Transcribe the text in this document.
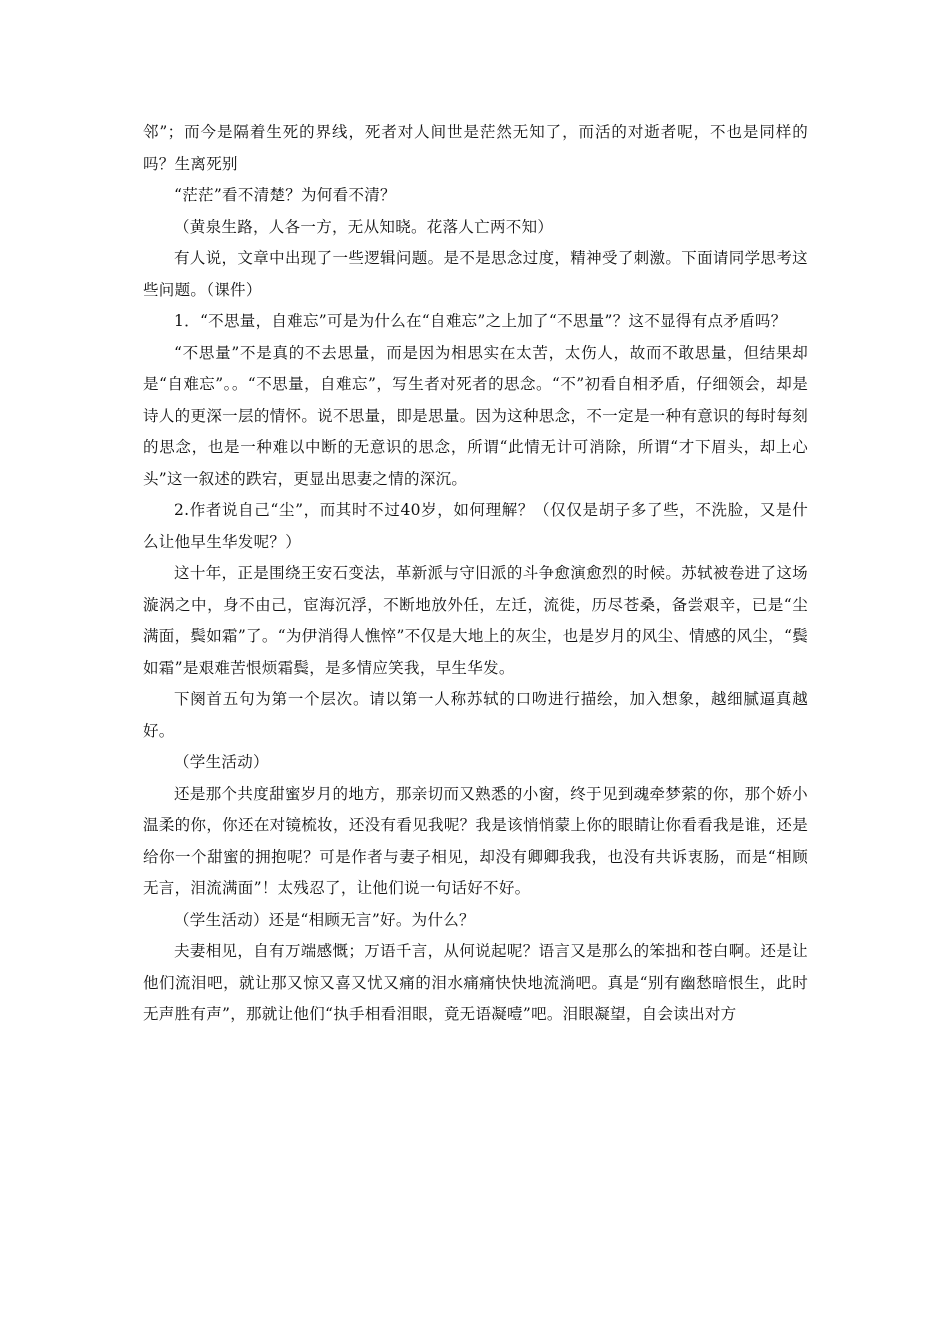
邻”；而今是隔着生死的界线，死者对人间世是茫然无知了，而活的对逝者呢，不也是同样的吗？生离死别

“茫茫”看不清楚？为何看不清？

（黄泉生路，人各一方，无从知晓。花落人亡两不知）

有人说，文章中出现了一些逻辑问题。是不是思念过度，精神受了刺激。下面请同学思考这些问题。（课件）

1．“不思量，自难忘”可是为什么在“自难忘”之上加了“不思量”？这不显得有点矛盾吗？

“不思量”不是真的不去思量，而是因为相思实在太苦，太伤人，故而不敢思量，但结果却是“自难忘”。。“不思量，自难忘”，写生者对死者的思念。“不”初看自相矛盾，仔细领会，却是诗人的更深一层的情怀。说不思量，即是思量。因为这种思念，不一定是一种有意识的每时每刻的思念，也是一种难以中断的无意识的思念，所谓“此情无计可消除，所谓“才下眉头，却上心头”这一叙述的跌宕，更显出思妻之情的深沉。

2.作者说自己“尘”，而其时不过40岁，如何理解？（仅仅是胡子多了些，不洗脸，又是什么让他早生华发呢？）

这十年，正是围绕王安石变法，革新派与守旧派的斗争愈演愈烈的时候。苏轼被卷进了这场漩涡之中，身不由己，宦海沉浮，不断地放外任，左迁，流徙，历尽苍桑，备尝艰辛，已是“尘满面，鬓如霜”了。“为伊消得人憔悴”不仅是大地上的灰尘，也是岁月的风尘、情感的风尘，“鬓如霜”是艰难苦恨烦霜鬓，是多情应笑我，早生华发。

下阕首五句为第一个层次。请以第一人称苏轼的口吻进行描绘，加入想象，越细腻逼真越好。

（学生活动）

还是那个共度甜蜜岁月的地方，那亲切而又熟悉的小窗，终于见到魂牵梦萦的你，那个娇小温柔的你，你还在对镜梳妆，还没有看见我呢？我是该悄悄蒙上你的眼睛让你看看我是谁，还是给你一个甜蜜的拥抱呢？可是作者与妻子相见，却没有卿卿我我，也没有共诉衷肠，而是“相顾无言，泪流满面”！太残忍了，让他们说一句话好不好。

（学生活动）还是“相顾无言”好。为什么？

夫妻相见，自有万端感慨；万语千言，从何说起呢？语言又是那么的笨拙和苍白啊。还是让他们流泪吧，就让那又惊又喜又忧又痛的泪水痛痛快快地流淌吧。真是“别有幽愁暗恨生，此时无声胜有声”，那就让他们“执手相看泪眼，竟无语凝噎”吧。泪眼凝望，自会读出对方
